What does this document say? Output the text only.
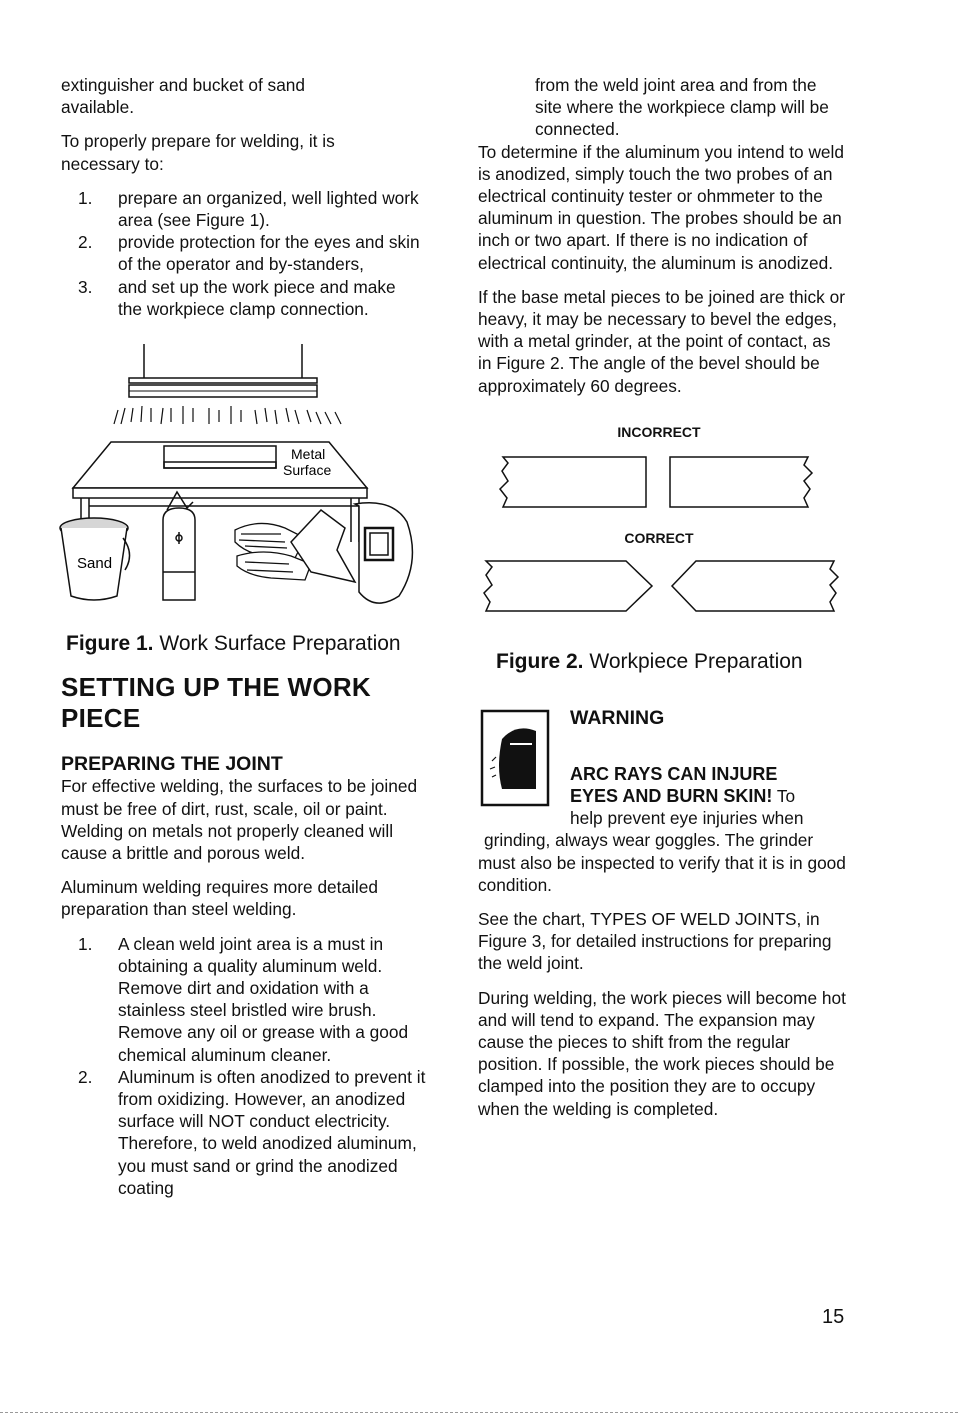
extinguisher and bucket of sand
available.

To properly prepare for welding, it is necessary to:

1. prepare an organized, well lighted work area (see Figure 1).
2. provide protection for the eyes and skin of the operator and by-standers,
3. and set up the work piece and make the workpiece clamp connection.
Metal
Surface
Sand

Figure 1. Work Surface Preparation

SETTING UP THE WORK
PIECE
PREPARING THE JOINT

For effective welding, the surfaces to be joined must be free of dirt, rust, scale, oil or paint. Welding on metals not properly cleaned will cause a brittle and porous weld.

Aluminum welding requires more detailed preparation than steel welding.

1. A clean weld joint area is a must in obtaining a quality aluminum weld. Remove dirt and oxidation with a stainless steel bristled wire brush. Remove any oil or grease with a good chemical aluminum cleaner.
2. Aluminum is often anodized to prevent it from oxidizing. However, an anodized surface will NOT conduct electricity. Therefore, to weld anodized aluminum, you must sand or grind the anodized coating

from the weld joint area and from the site where the workpiece clamp will be connected.

To determine if the aluminum you intend to weld is anodized, simply touch the two probes of an electrical continuity tester or ohmmeter to the aluminum in question. The probes should be an inch or two apart. If there is no indication of electrical continuity, the aluminum is anodized.

If the base metal pieces to be joined are thick or heavy, it may be necessary to bevel the edges, with a metal grinder, at the point of contact, as in Figure 2. The angle of the bevel should be approximately 60 degrees.

INCORRECT
CORRECT

Figure 2. Workpiece Preparation

WARNING
ARC RAYS CAN INJURE
EYES AND BURN SKIN! To
help prevent eye injuries when

grinding, always wear goggles. The grinder must also be inspected to verify that it is in good condition.

See the chart, TYPES OF WELD JOINTS, in Figure 3, for detailed instructions for preparing the weld joint.

During welding, the work pieces will become hot and will tend to expand. The expansion may cause the pieces to shift from the regular position. If possible, the work pieces should be clamped into the position they are to occupy when the welding is completed.

15
